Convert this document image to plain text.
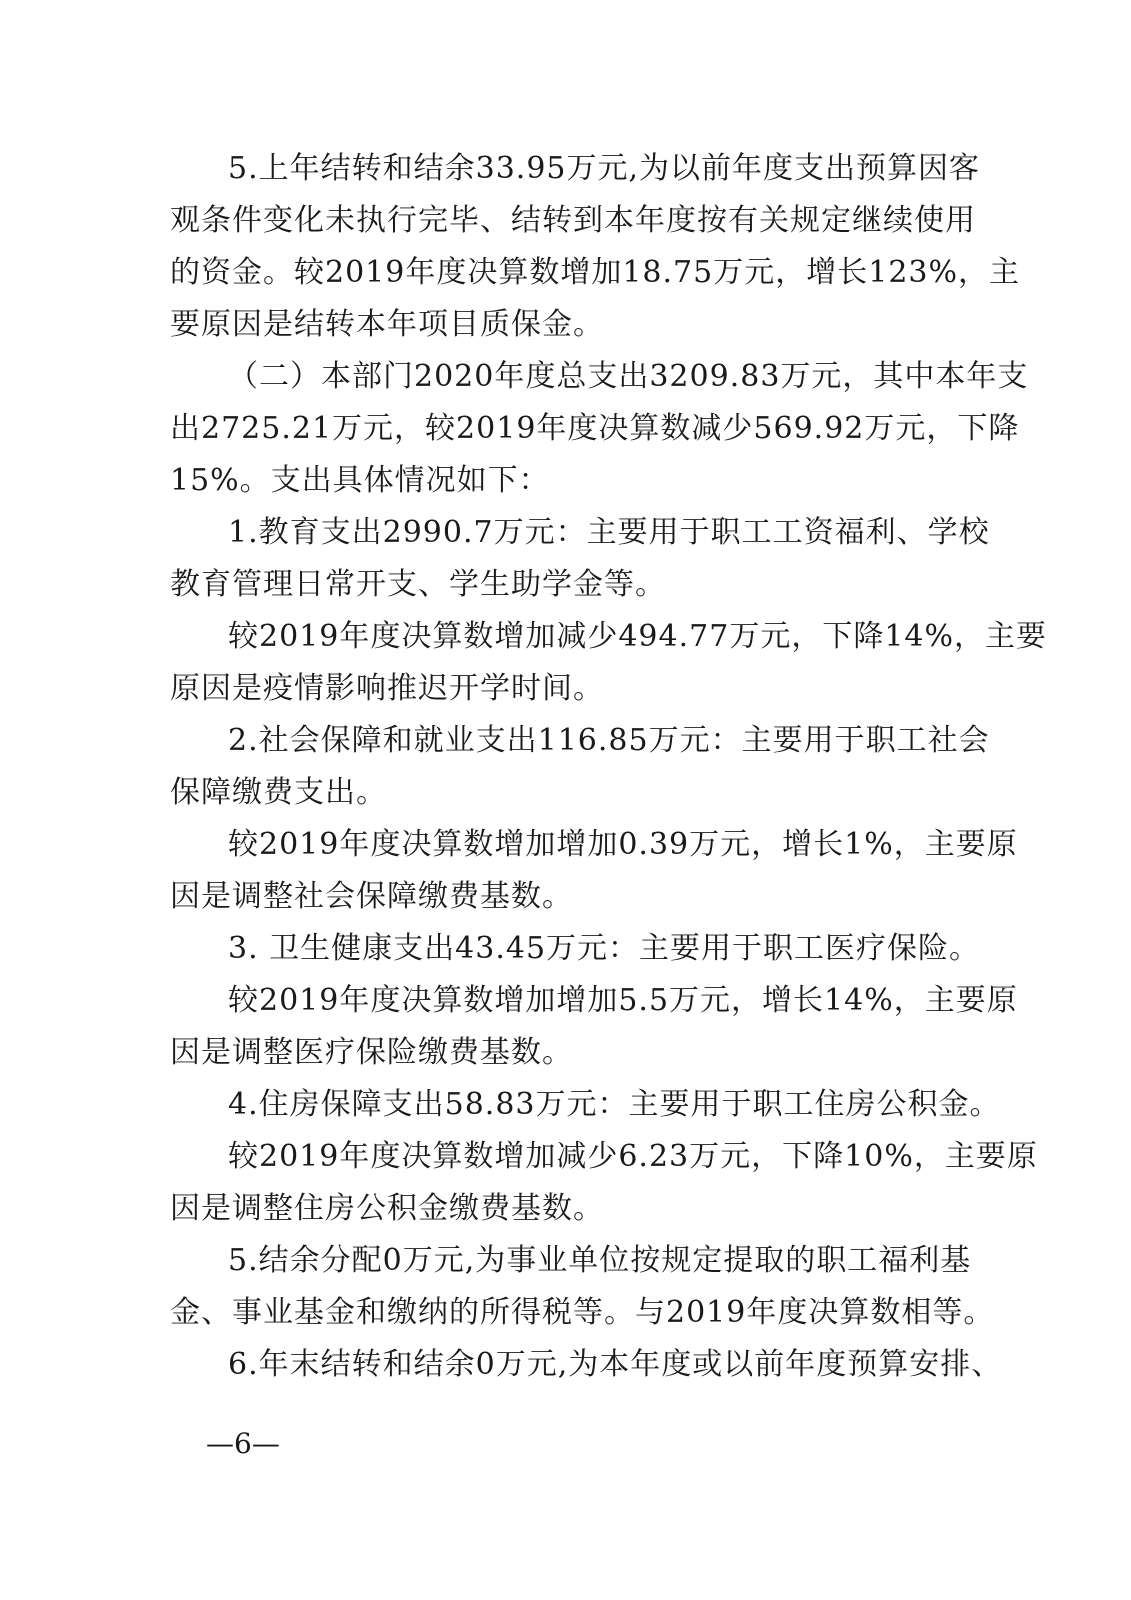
5.上年结转和结余33.95万元,为以前年度支出预算因客
观条件变化未执行完毕、结转到本年度按有关规定继续使用
的资金。较2019年度决算数增加18.75万元，增长123%，主
要原因是结转本年项目质保金。
（二）本部门2020年度总支出3209.83万元，其中本年支
出2725.21万元，较2019年度决算数减少569.92万元，下降
15%。支出具体情况如下：
1.教育支出2990.7万元：主要用于职工工资福利、学校
教育管理日常开支、学生助学金等。
较2019年度决算数增加减少494.77万元，下降14%，主要
原因是疫情影响推迟开学时间。
2.社会保障和就业支出116.85万元：主要用于职工社会
保障缴费支出。
较2019年度决算数增加增加0.39万元，增长1%，主要原
因是调整社会保障缴费基数。
3. 卫生健康支出43.45万元：主要用于职工医疗保险。
较2019年度决算数增加增加5.5万元，增长14%，主要原
因是调整医疗保险缴费基数。
4.住房保障支出58.83万元：主要用于职工住房公积金。
较2019年度决算数增加减少6.23万元，下降10%，主要原
因是调整住房公积金缴费基数。
5.结余分配0万元,为事业单位按规定提取的职工福利基
金、事业基金和缴纳的所得税等。与2019年度决算数相等。
6.年末结转和结余0万元,为本年度或以前年度预算安排、
—6—
